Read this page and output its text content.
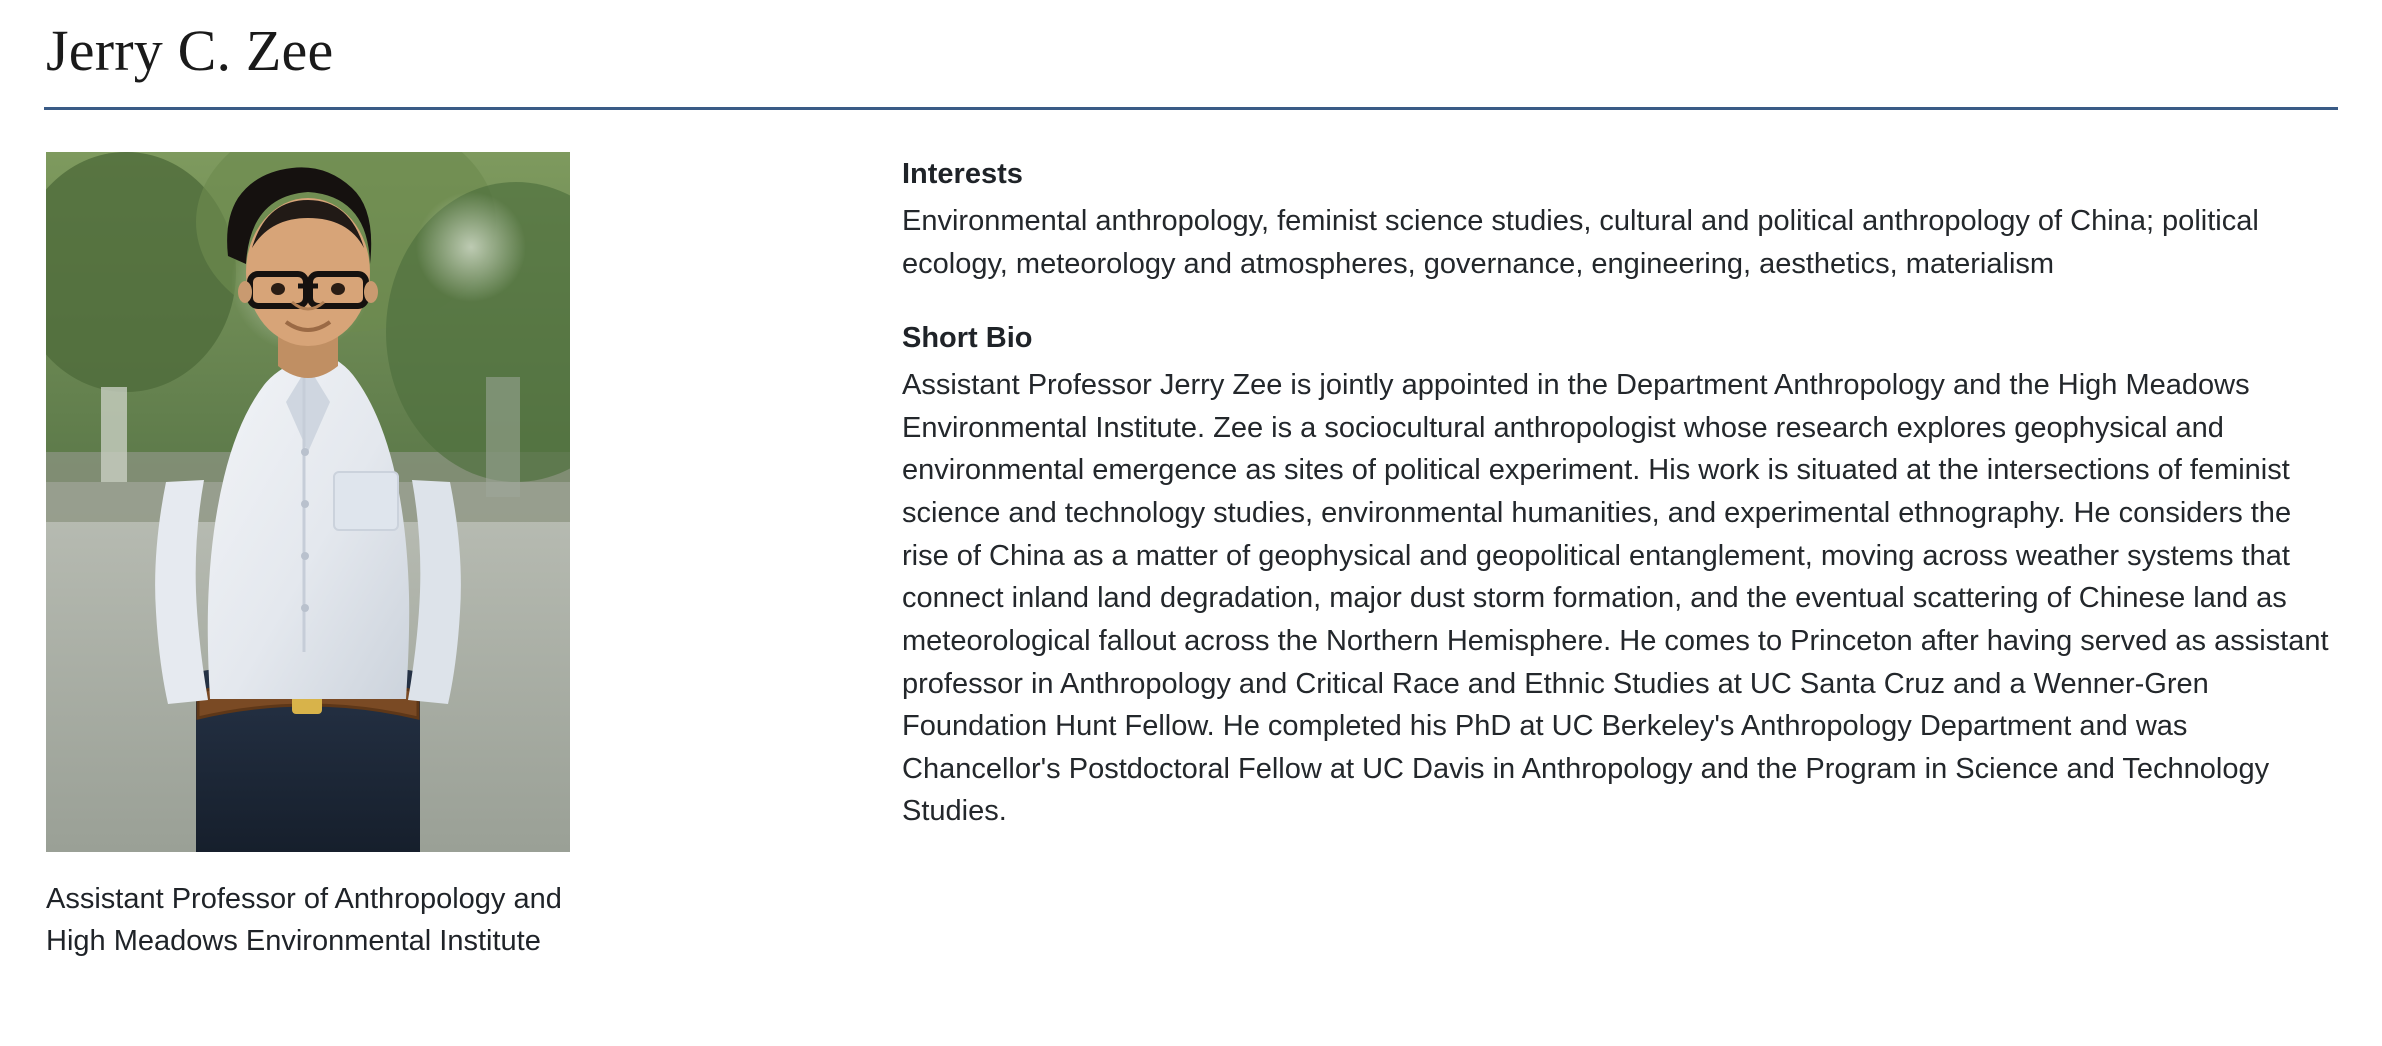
Jerry C. Zee
Assistant Professor of Anthropology and High Meadows Environmental Institute
Interests

Environmental anthropology, feminist science studies, cultural and political anthropology of China; political ecology, meteorology and atmospheres, governance, engineering, aesthetics, materialism

Short Bio

Assistant Professor Jerry Zee is jointly appointed in the Department Anthropology and the High Meadows Environmental Institute. Zee is a sociocultural anthropologist whose research explores geophysical and environmental emergence as sites of political experiment. His work is situated at the intersections of feminist science and technology studies, environmental humanities, and experimental ethnography. He considers the rise of China as a matter of geophysical and geopolitical entanglement, moving across weather systems that connect inland land degradation, major dust storm formation, and the eventual scattering of Chinese land as meteorological fallout across the Northern Hemisphere. He comes to Princeton after having served as assistant professor in Anthropology and Critical Race and Ethnic Studies at UC Santa Cruz and a Wenner-Gren Foundation Hunt Fellow. He completed his PhD at UC Berkeley's Anthropology Department and was Chancellor's Postdoctoral Fellow at UC Davis in Anthropology and the Program in Science and Technology Studies.
